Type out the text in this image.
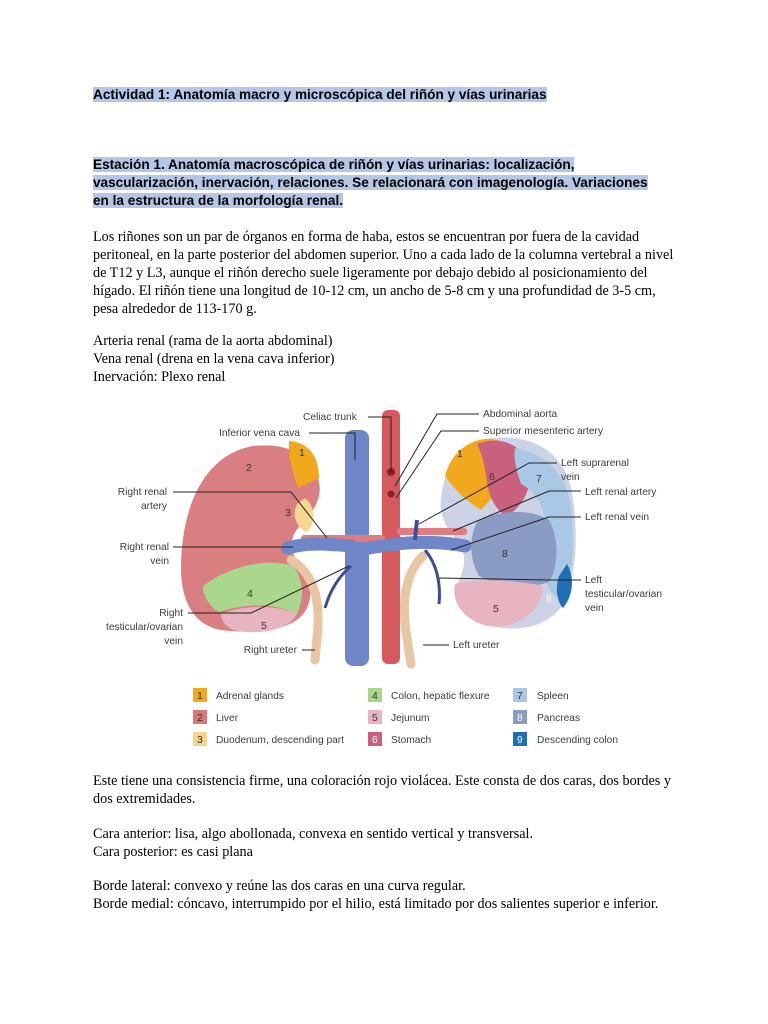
Actividad 1: Anatomía macro y microscópica del riñón y vías urinarias
Estación 1. Anatomía macroscópica de riñón y vías urinarias: localización,
vascularización, inervación, relaciones. Se relacionará con imagenología. Variaciones
en la estructura de la morfología renal.
Los riñones son un par de órganos en forma de haba, estos se encuentran por fuera de la cavidad
peritoneal, en la parte posterior del abdomen superior. Uno a cada lado de la columna vertebral a nivel
de T12 y L3, aunque el riñón derecho suele ligeramente por debajo debido al posicionamiento del
hígado. El riñón tiene una longitud de 10-12 cm, un ancho de 5-8 cm y una profundidad de 3-5 cm,
pesa alrededor de 113-170 g.
Arteria renal (rama de la aorta abdominal)
Vena renal (drena en la vena cava inferior)
Inervación: Plexo renal
1
2
3
4
5
1
6	7
8
5
9
Celiac trunk
Inferior vena cava
Abdominal aorta
Superior mesenteric artery
Right renal
artery
Right renal
vein
Right
testicular/ovarian
vein
Right ureter
Left suprarenal
vein
Left renal artery
Left renal vein
Left
testicular/ovarian
vein
Left ureter
1 Adrenal glands
2 Liver
3 Duodenum, descending part
4 Colon, hepatic flexure
5 Jejunum
6 Stomach
7 Spleen
8 Pancreas
9 Descending colon
Este tiene una consistencia firme, una coloración rojo violácea. Este consta de dos caras, dos bordes y
dos extremidades.
Cara anterior: lisa, algo abollonada, convexa en sentido vertical y transversal.
Cara posterior: es casi plana
Borde lateral: convexo y reúne las dos caras en una curva regular.
Borde medial: cóncavo, interrumpido por el hilio, está limitado por dos salientes superior e inferior.
